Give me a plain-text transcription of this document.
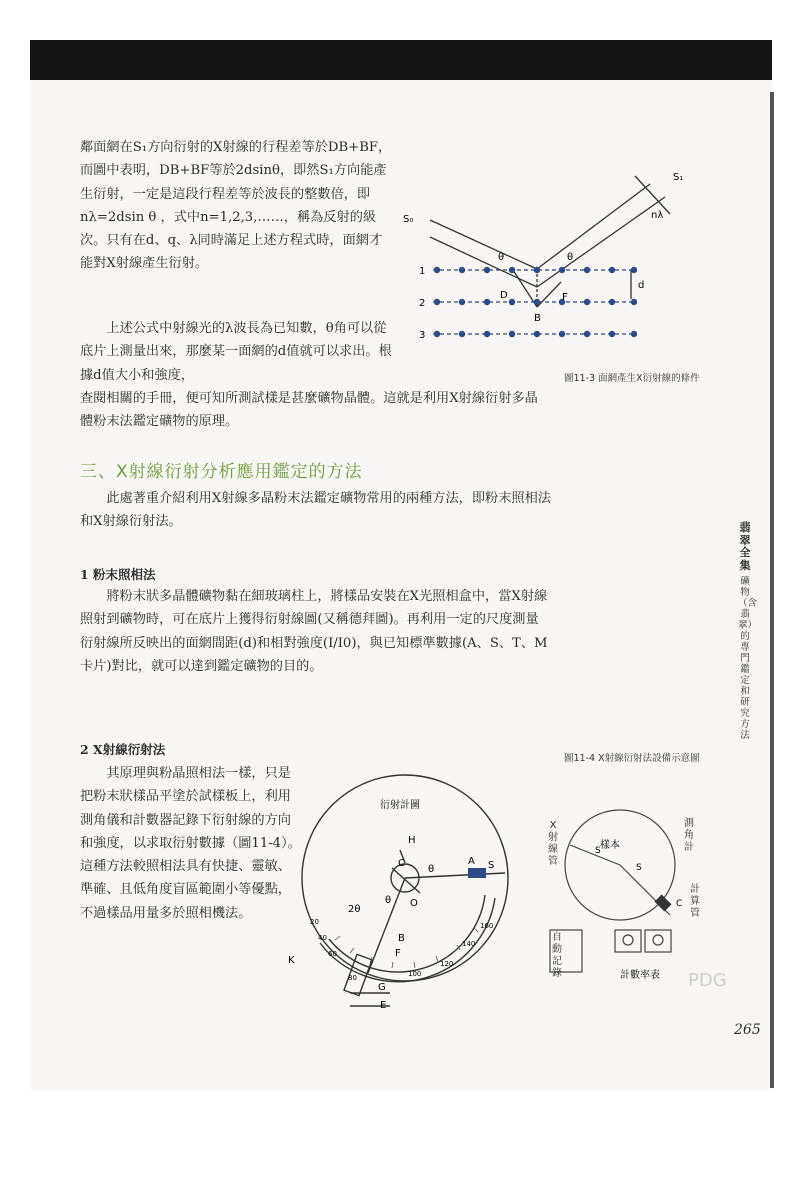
鄰面網在S₁方向衍射的X射線的行程差等於DB+BF，而圖中表明，DB+BF等於2dsinθ，即然S₁方向能產生衍射，一定是這段行程差等於波長的整數倍，即nλ=2dsin θ ，式中n=1,2,3,……，稱為反射的級次。只有在d、q、λ同時滿足上述方程式時，面網才能對X射線產生衍射。

S₀
S₁
nλ
θ	θ
d
D	F
B
1
2
3

　　上述公式中射線光的λ波長為已知數，θ角可以從底片上測量出來，那麼某一面網的d值就可以求出。根據d值大小和強度，

查閱相關的手冊，便可知所測試樣是甚麼礦物晶體。這就是利用X射線衍射多晶體粉末法鑑定礦物的原理。

圖11-3 面網產生X衍射線的條件
三、X射線衍射分析應用鑑定的方法

　　此處著重介紹利用X射線多晶粉末法鑑定礦物常用的兩種方法，即粉末照相法和X射線衍射法。

1 粉末照相法

　　將粉末狀多晶體礦物黏在細玻璃柱上，將樣品安裝在X光照相盒中，當X射線照射到礦物時，可在底片上獲得衍射線圖(又稱德拜圖)。再利用一定的尺度測量衍射線所反映出的面網間距(d)和相對強度(I/I0)，與已知標準數據(A、S、T、M卡片)對比，就可以達到鑑定礦物的目的。

2 X射線衍射法

　　其原理與粉晶照相法一樣，只是把粉末狀樣品平塗於試樣板上，利用測角儀和計數器記錄下衍射線的方向和強度，以求取衍射數據（圖11-4）。這種方法較照相法具有快捷、靈敏、準確、且低角度盲區範圍小等優點，不過樣品用量多於照相機法。

衍射計圖
H
C
O
A S
θ
θ
2θ
B
F
G
E
K
80	100
120
140
160
60
40
20
圖11-4 X射線衍射法設備示意圖
樣本
S
S
C
計數率表 PDG
X射線管
測角計
計算管
自動記錄
翡翠全集
礦物（含翡翠）的專門鑑定和研究方法
265
